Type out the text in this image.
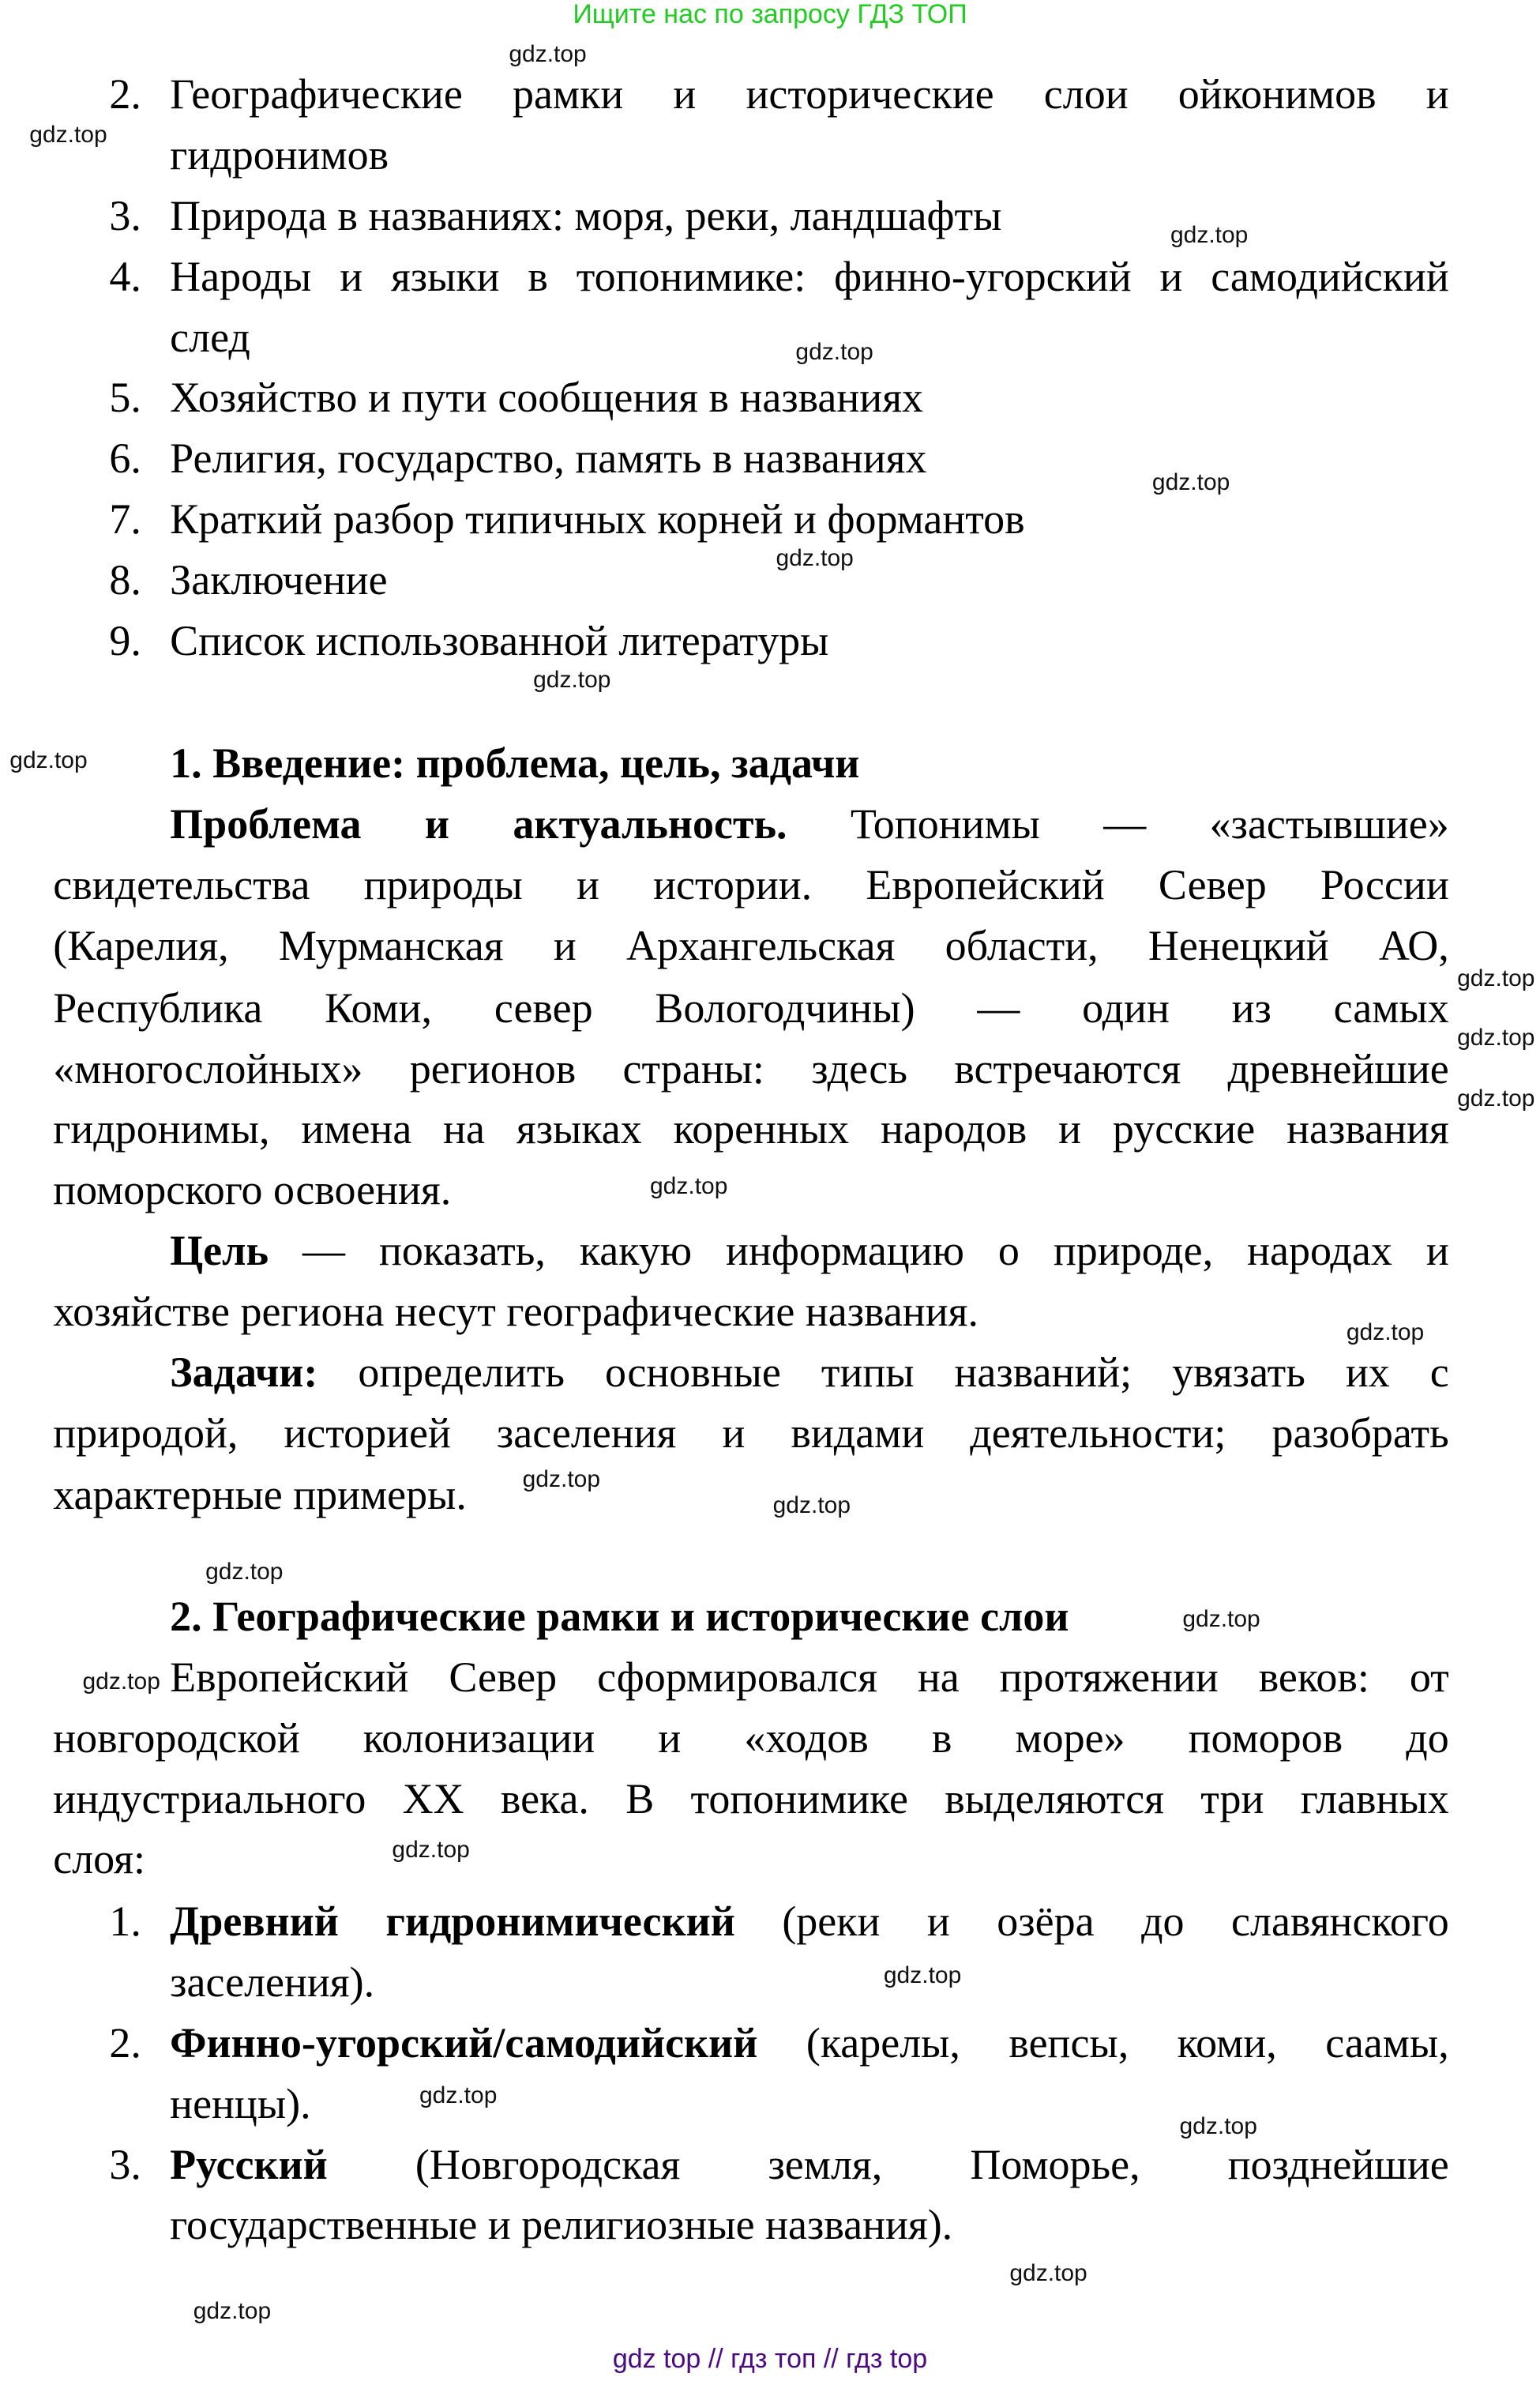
Ищите нас по запросу ГДЗ ТОП
2. Географические рамки и исторические слои ойконимов и
гидронимов
3. Природа в названиях: моря, реки, ландшафты
4. Народы и языки в топонимике: финно-угорский и самодийский
след
5. Хозяйство и пути сообщения в названиях
6. Религия, государство, память в названиях
7. Краткий разбор типичных корней и формантов
8. Заключение
9. Список использованной литературы
1. Введение: проблема, цель, задачи
Проблема и актуальность. Топонимы — «застывшие»
свидетельства природы и истории. Европейский Север России
(Карелия, Мурманская и Архангельская области, Ненецкий АО,
Республика Коми, север Вологодчины) — один из самых
«многослойных» регионов страны: здесь встречаются древнейшие
гидронимы, имена на языках коренных народов и русские названия
поморского освоения.
Цель — показать, какую информацию о природе, народах и
хозяйстве региона несут географические названия.
Задачи: определить основные типы названий; увязать их с
природой, историей заселения и видами деятельности; разобрать
характерные примеры.
2. Географические рамки и исторические слои
Европейский Север сформировался на протяжении веков: от
новгородской колонизации и «ходов в море» поморов до
индустриального XX века. В топонимике выделяются три главных
слоя:
1. Древний гидронимический (реки и озёра до славянского
заселения).
2. Финно-угорский/самодийский (карелы, вепсы, коми, саамы,
ненцы).
3. Русский (Новгородская земля, Поморье, позднейшие
государственные и религиозные названия).
gdz.top
gdz.top
gdz.top
gdz.top
gdz.top
gdz.top
gdz.top
gdz.top
gdz.top
gdz.top
gdz.top
gdz.top
gdz.top
gdz.top
gdz.top
gdz.top
gdz.top
gdz.top
gdz.top
gdz.top
gdz.top
gdz.top
gdz.top
gdz.top
gdz top // гдз топ // гдз top
